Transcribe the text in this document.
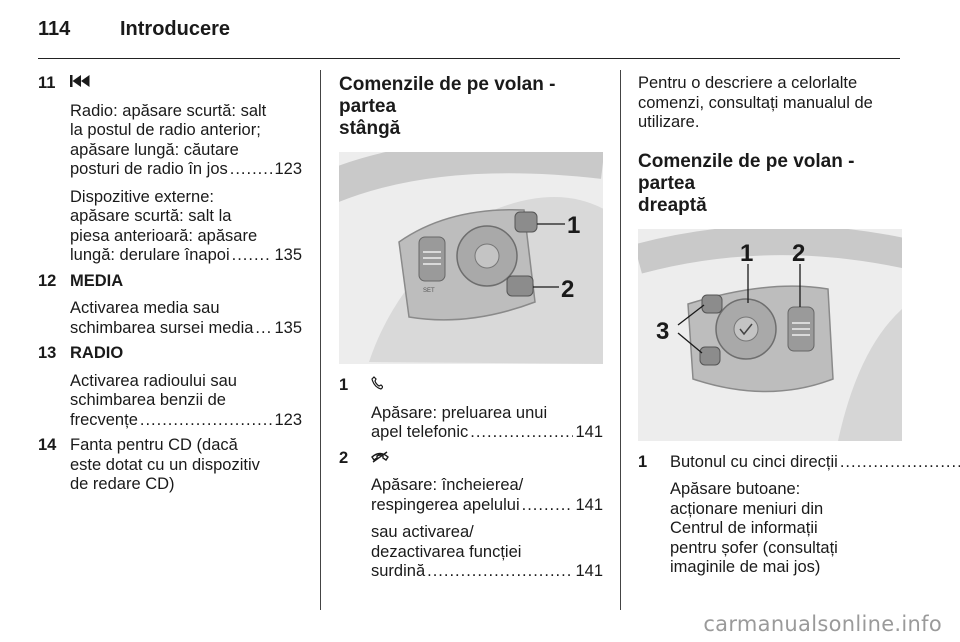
114 Introducere
11
Radio: apăsare scurtă: salt
la postul de radio anterior;
apăsare lungă: căutare
posturi de radio în jos .....	123
Dispozitive externe:
apăsare scurtă: salt la
piesa anterioară: apăsare
lungă: derulare înapoi .....	135
12 MEDIA
Activarea media sau
schimbarea sursei media ..... 135
13 RADIO
Activarea radioului sau
schimbarea benzii de
frecvențe .....	123
14 Fanta pentru CD (dacă
este dotat cu un dispozitiv
de redare CD)
Comenzile de pe volan - partea
stângă
SET
1
2
1
Apăsare: preluarea unui
apel telefonic .....	141
2
Apăsare: încheierea/
respingerea apelului .....	141
sau activarea/
dezactivarea funcției
surdină .....	141
Pentru o descriere a celorlalte
comenzi, consultați manualul de
utilizare.
Comenzile de pe volan - partea
dreaptă
1 2
3
1	Butonul cu cinci direcții
.....
Apăsare butoane:
acționare meniuri din
Centrul de informații
pentru șofer (consultați
imaginile de mai jos)
carmanualsonline.info
